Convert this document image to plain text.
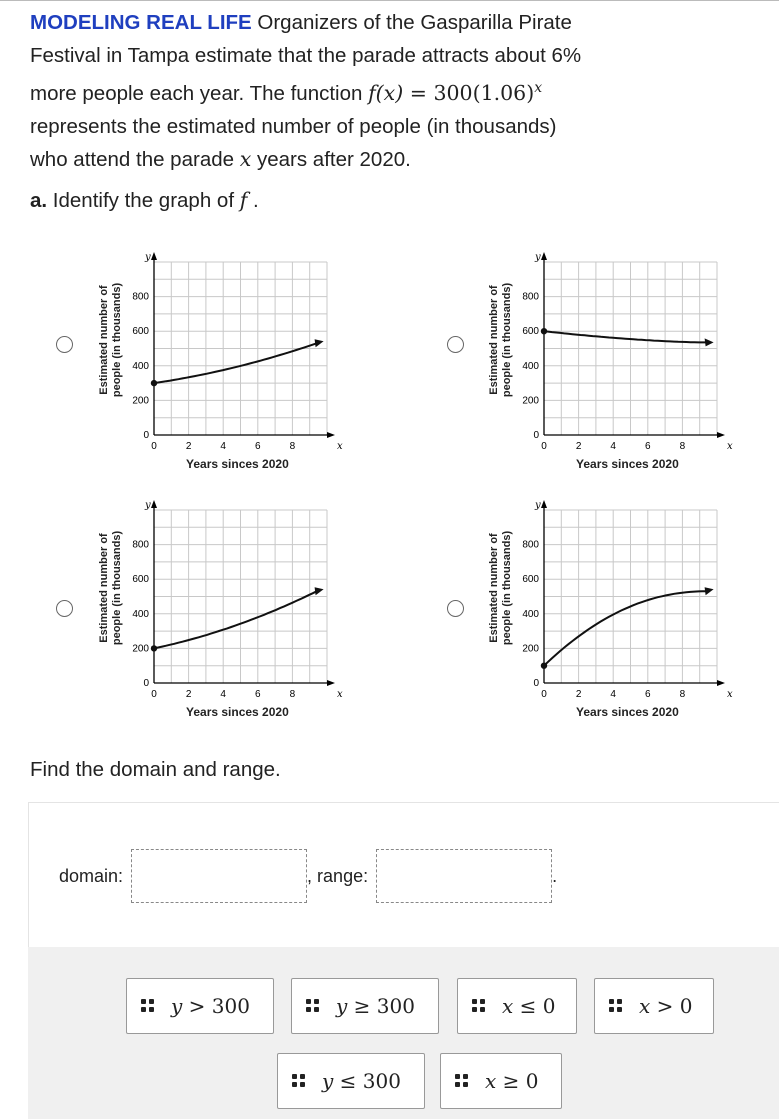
MODELING REAL LIFE Organizers of the Gasparilla Pirate
Festival in Tampa estimate that the parade attracts about 6%
more people each year. The function $f(x) = 300(1.06)^x$
represents the estimated number of people (in thousands)
who attend the parade x years after 2020.
a. Identify the graph of f .
y
x
200
400
600
800
2	4	6	8
0
0
Estimated number of people (in thousands)
Years sinces 2020
y
x
200
400
600
800
2	4	6	8
0
0
Estimated number of people (in thousands)
Years sinces 2020
y
x
200
400
600
800
2	4	6	8
0
0
Estimated number of people (in thousands)
Years sinces 2020
y
x
200
400
600
800
2	4	6	8
0
0
Estimated number of people (in thousands)
Years sinces 2020
Find the domain and range.
domain:	, range:	.
y > 300	y ≥ 300	x ≤ 0	x > 0
y ≤ 300	x ≥ 0
